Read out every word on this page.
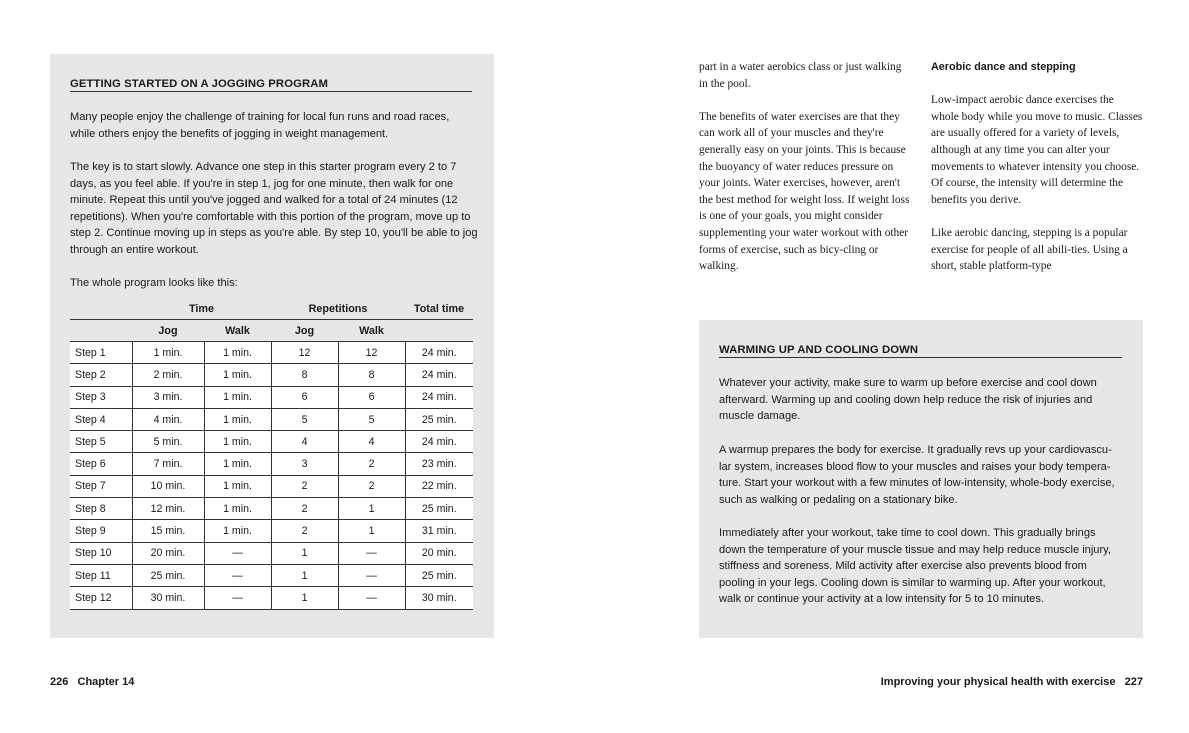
GETTING STARTED ON A JOGGING PROGRAM

Many people enjoy the challenge of training for local fun runs and road races, while others enjoy the benefits of jogging in weight management.

The key is to start slowly. Advance one step in this starter program every 2 to 7 days, as you feel able. If you're in step 1, jog for one minute, then walk for one minute. Repeat this until you've jogged and walked for a total of 24 minutes (12 repetitions). When you're comfortable with this portion of the program, move up to step 2. Continue moving up in steps as you're able. By step 10, you'll be able to jog through an entire workout.

The whole program looks like this:

	Time		Repetitions		Total time
	Jog	Walk	Jog	Walk	
Step 1	1 min.	1 min.	12	12	24 min.
Step 2	2 min.	1 min.	8	8	24 min.
Step 3	3 min.	1 min.	6	6	24 min.
Step 4	4 min.	1 min.	5	5	25 min.
Step 5	5 min.	1 min.	4	4	24 min.
Step 6	7 min.	1 min.	3	2	23 min.
Step 7	10 min.	1 min.	2	2	22 min.
Step 8	12 min.	1 min.	2	1	25 min.
Step 9	15 min.	1 min.	2	1	31 min.
Step 10	20 min.	—	1	—	20 min.
Step 11	25 min.	—	1	—	25 min.
Step 12	30 min.	—	1	—	30 min.
226   Chapter 14

part in a water aerobics class or just walking in the pool.

The benefits of water exercises are that they can work all of your muscles and they're generally easy on your joints. This is because the buoyancy of water reduces pressure on your joints. Water exercises, however, aren't the best method for weight loss. If weight loss is one of your goals, you might consider supplementing your water workout with other forms of exercise, such as bicy-cling or walking.

Aerobic dance and stepping

Low-impact aerobic dance exercises the whole body while you move to music. Classes are usually offered for a variety of levels, although at any time you can alter your movements to whatever intensity you choose. Of course, the intensity will determine the benefits you derive.

Like aerobic dancing, stepping is a popular exercise for people of all abili-ties. Using a short, stable platform-type

WARMING UP AND COOLING DOWN

Whatever your activity, make sure to warm up before exercise and cool down afterward. Warming up and cooling down help reduce the risk of injuries and muscle damage.

A warmup prepares the body for exercise. It gradually revs up your cardiovascu-lar system, increases blood flow to your muscles and raises your body tempera-ture. Start your workout with a few minutes of low-intensity, whole-body exercise, such as walking or pedaling on a stationary bike.

Immediately after your workout, take time to cool down. This gradually brings down the temperature of your muscle tissue and may help reduce muscle injury, stiffness and soreness. Mild activity after exercise also prevents blood from pooling in your legs. Cooling down is similar to warming up. After your workout, walk or continue your activity at a low intensity for 5 to 10 minutes.

Improving your physical health with exercise   227
